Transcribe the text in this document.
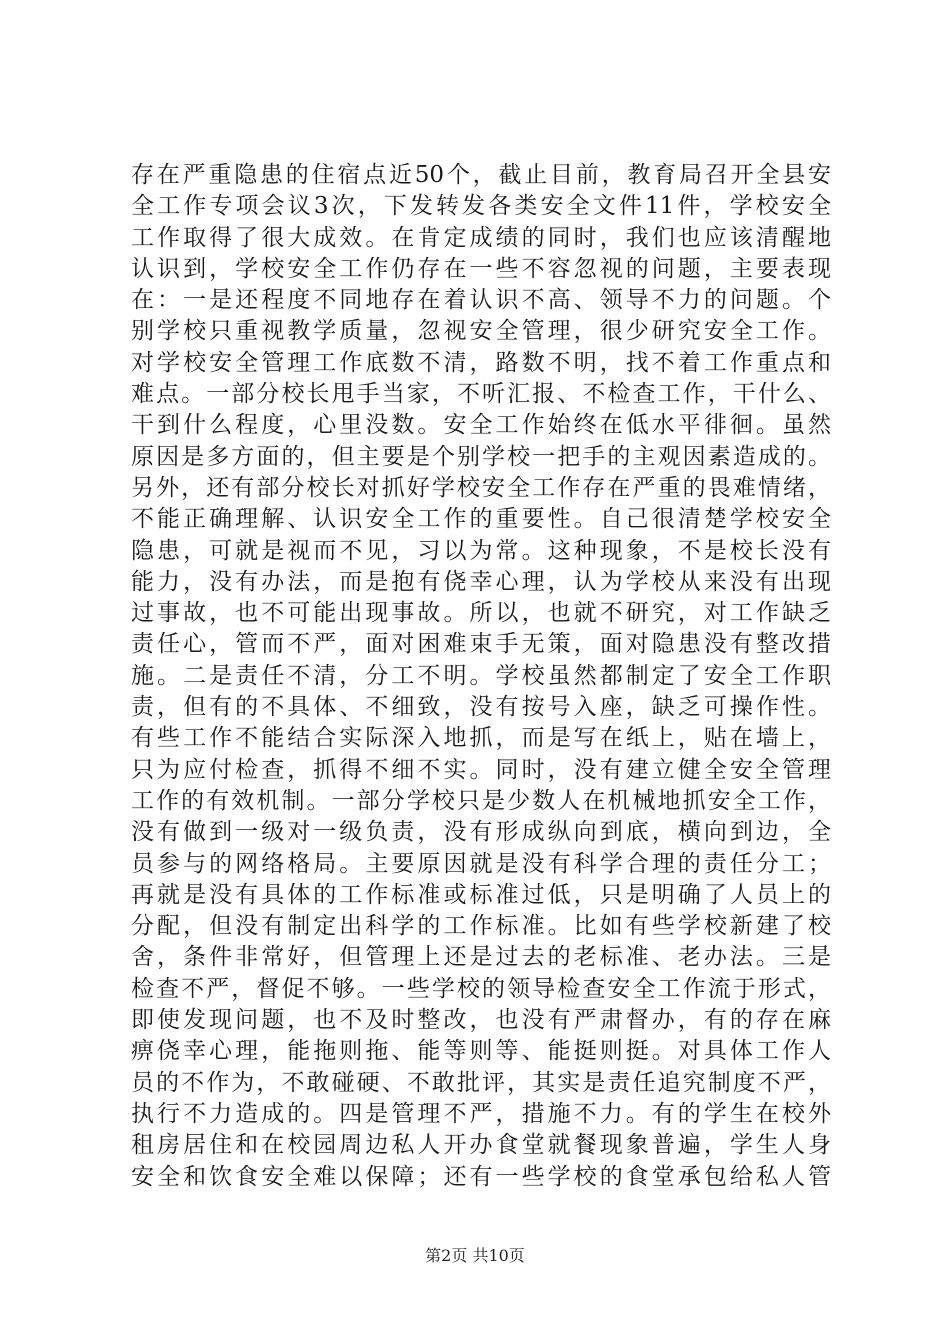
存在严重隐患的住宿点近50个，截止目前，教育局召开全县安
全工作专项会议3次，下发转发各类安全文件11件，学校安全
工作取得了很大成效。在肯定成绩的同时，我们也应该清醒地
认识到，学校安全工作仍存在一些不容忽视的问题，主要表现
在：一是还程度不同地存在着认识不高、领导不力的问题。个
别学校只重视教学质量，忽视安全管理，很少研究安全工作。
对学校安全管理工作底数不清，路数不明，找不着工作重点和
难点。一部分校长甩手当家，不听汇报、不检查工作，干什么、
干到什么程度，心里没数。安全工作始终在低水平徘徊。虽然
原因是多方面的，但主要是个别学校一把手的主观因素造成的。
另外，还有部分校长对抓好学校安全工作存在严重的畏难情绪，
不能正确理解、认识安全工作的重要性。自己很清楚学校安全
隐患，可就是视而不见，习以为常。这种现象，不是校长没有
能力，没有办法，而是抱有侥幸心理，认为学校从来没有出现
过事故，也不可能出现事故。所以，也就不研究，对工作缺乏
责任心，管而不严，面对困难束手无策，面对隐患没有整改措
施。二是责任不清，分工不明。学校虽然都制定了安全工作职
责，但有的不具体、不细致，没有按号入座，缺乏可操作性。
有些工作不能结合实际深入地抓，而是写在纸上，贴在墙上，
只为应付检查，抓得不细不实。同时，没有建立健全安全管理
工作的有效机制。一部分学校只是少数人在机械地抓安全工作，
没有做到一级对一级负责，没有形成纵向到底，横向到边，全
员参与的网络格局。主要原因就是没有科学合理的责任分工；
再就是没有具体的工作标准或标准过低，只是明确了人员上的
分配，但没有制定出科学的工作标准。比如有些学校新建了校
舍，条件非常好，但管理上还是过去的老标准、老办法。三是
检查不严，督促不够。一些学校的领导检查安全工作流于形式，
即使发现问题，也不及时整改，也没有严肃督办，有的存在麻
痹侥幸心理，能拖则拖、能等则等、能挺则挺。对具体工作人
员的不作为，不敢碰硬、不敢批评，其实是责任追究制度不严，
执行不力造成的。四是管理不严，措施不力。有的学生在校外
租房居住和在校园周边私人开办食堂就餐现象普遍，学生人身
安全和饮食安全难以保障；还有一些学校的食堂承包给私人管
第2页 共10页
